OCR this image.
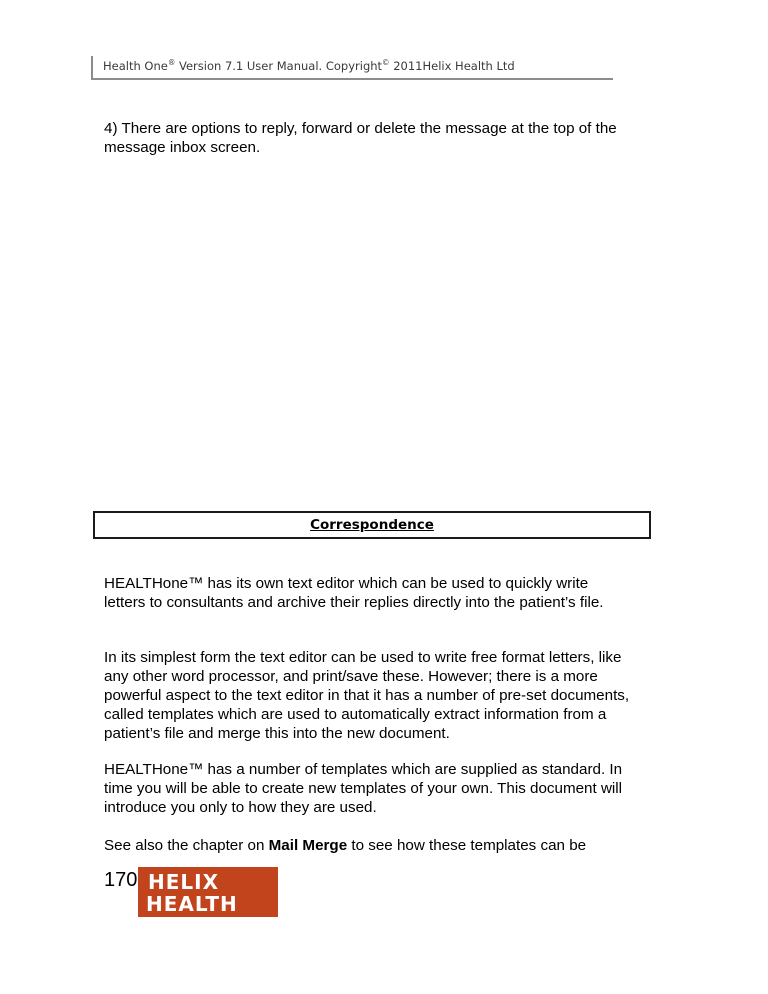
Health One® Version 7.1 User Manual. Copyright© 2011Helix Health Ltd

4) There are options to reply, forward or delete the message at the top of the message inbox screen.

Correspondence

HEALTHone™ has its own text editor which can be used to quickly write letters to consultants and archive their replies directly into the patient’s file.

In its simplest form the text editor can be used to write free format letters, like any other word processor, and print/save these. However; there is a more powerful aspect to the text editor in that it has a number of pre-set documents, called templates which are used to automatically extract information from a patient’s file and merge this into the new document.

HEALTHone™ has a number of templates which are supplied as standard. In time you will be able to create new templates of your own. This document will introduce you only to how they are used.

See also the chapter on Mail Merge to see how these templates can be

170 HELIX
HEALTH
